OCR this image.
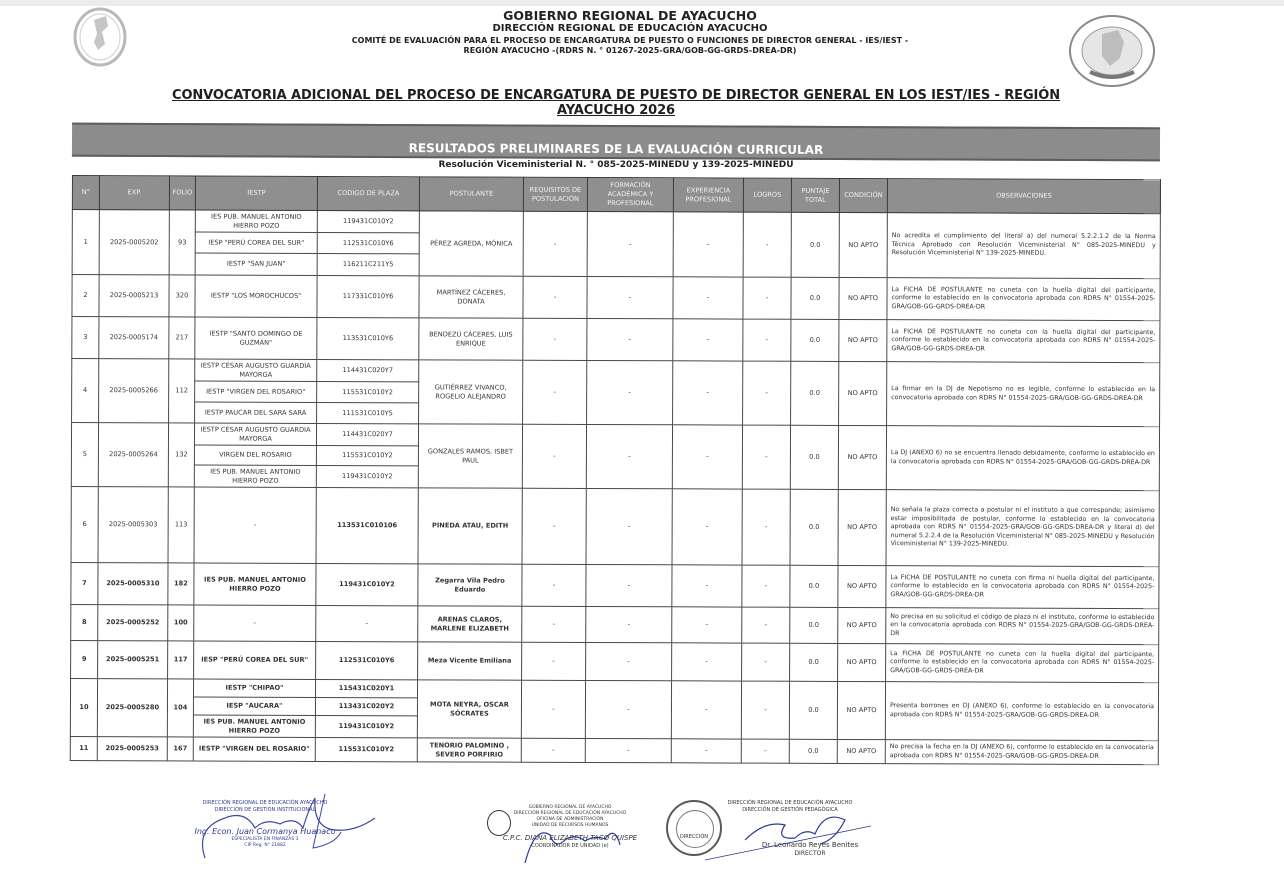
GOBIERNO REGIONAL DE AYACUCHO
DIRECCIÓN REGIONAL DE EDUCACIÓN AYACUCHO
COMITÉ DE EVALUACIÓN PARA EL PROCESO DE ENCARGATURA DE PUESTO O FUNCIONES DE DIRECTOR GENERAL - IES/IEST -
REGIÓN AYACUCHO -(RDRS N. ° 01267-2025-GRA/GOB-GG-GRDS-DREA-DR)
CONVOCATORIA ADICIONAL DEL PROCESO DE ENCARGATURA DE PUESTO DE DIRECTOR GENERAL EN LOS IEST/IES - REGIÓN AYACUCHO 2026
RESULTADOS PRELIMINARES DE LA EVALUACIÓN CURRICULAR
Resolución Viceministerial N. ° 085-2025-MINEDU y 139-2025-MINEDU
N°	EXP.	FOLIO	IESTP	CODIGO DE PLAZA	POSTULANTE	REQUISITOS DE POSTULACIÓN	FORMACIÓN ACADÉMICA Y PROFESIONAL	EXPERIENCIA PROFESIONAL	LOGROS	PUNTAJE TOTAL	CONDICIÓN	OBSERVACIONES
1	2025-0005202	93	IES PUB. MANUEL ANTONIO HIERRO POZO	119431C010Y2	PÉREZ AGREDA, MÓNICA	-	-	-	-	0.0	NO APTO	No acredita el cumplimiento del literal a) del numeral 5.2.2.1.2 de la Norma Técnica Aprobado con Resolución Viceministerial N° 085-2025-MINEDU y Resolución Viceministerial N° 139-2025-MINEDU.
			IESP "PERÚ COREA DEL SUR"	112531C010Y6								
			IESTP "SAN JUAN"	116211C211Y5								
2	2025-0005213	320	IESTP "LOS MOROCHUCOS"	117331C010Y6	MARTÍNEZ CÁCERES, DONATA	-	-	-	-	0.0	NO APTO	La FICHA DE POSTULANTE no cuneta con la huella digital del participante, conforme lo establecido en la convocatoria aprobada con RDRS N° 01554-2025-GRA/GOB-GG-GRDS-DREA-DR
3	2025-0005174	217	IESTP "SANTO DOMINGO DE GUZMÁN"	113531C010Y6	BENDEZÚ CÁCERES, LUIS ENRIQUE	-	-	-	-	0.0	NO APTO	La FICHA DE POSTULANTE no cuneta con la huella digital del participante, conforme lo establecido en la convocatoria aprobada con RDRS N° 01554-2025-GRA/GOB-GG-GRDS-DREA-DR
4	2025-0005266	112	IESTP CÉSAR AUGUSTO GUARDIA MAYORGA	114431C020Y7	GUTIÉRREZ VIVANCO, ROGELIO ALEJANDRO	-	-	-	-	0.0	NO APTO	La firmar en la DJ de Nepotismo no es legible, conforme lo establecido en la convocatoria aprobada con RDRS N° 01554-2025-GRA/GOB-GG-GRDS-DREA-DR
			IESTP "VIRGEN DEL ROSARIO"	115531C010Y2								
			IESTP PAUCAR DEL SARA SARA	111531C010Y5								
5	2025-0005264	132	IESTP CÉSAR AUGUSTO GUARDIA MAYORGA	114431C020Y7	GONZALES RAMOS, ISBET PAUL	-	-	-	-	0.0	NO APTO	La DJ (ANEXO 6) no se encuentra llenado debidamente, conforme lo establecido en la convocatoria aprobada con RDRS N° 01554-2025-GRA/GOB-GG-GRDS-DREA-DR
			VIRGEN DEL ROSARIO	115531C010Y2								
			IES PUB. MANUEL ANTONIO HIERRO POZO	119431C010Y2								
6	2025-0005303	113	-	113531C010106	PINEDA ATAU, EDITH	-	-	-	-	0.0	NO APTO	No señala la plaza correcta a postular ni el instituto a que corresponde; asimismo estar imposibilitada de postular, conforme lo establecido en la convocatoria aprobada con RDRS N° 01554-2025-GRA/GOB-GG-GRDS-DREA-DR y literal d) del numeral 5.2.2.4 de la Resolución Viceministerial N° 085-2025-MINEDU y Resolución Viceministerial N° 139-2025-MINEDU.
7	2025-0005310	182	IES PUB. MANUEL ANTONIO HIERRO POZO	119431C010Y2	Zegarra Vila Pedro Eduardo	-	-	-	-	0.0	NO APTO	La FICHA DE POSTULANTE no cuneta con firma ni huella digital del participante, conforme lo establecido en la convocatoria aprobada con RDRS N° 01554-2025-GRA/GOB-GG-GRDS-DREA-DR
8	2025-0005252	100	-	-	ARENAS CLAROS, MARLENE ELIZABETH	-	-	-	-	0.0	NO APTO	No precisa en su solicitud el código de plaza ni el instituto, conforme lo establecido en la convocatoria aprobada con RDRS N° 01554-2025-GRA/GOB-GG-GRDS-DREA-DR
9	2025-0005251	117	IESP "PERÚ COREA DEL SUR"	112531C010Y6	Meza Vicente Emiliana	-	-	-	-	0.0	NO APTO	La FICHA DE POSTULANTE no cuneta con la huella digital del participante, conforme lo establecido en la convocatoria aprobada con RDRS N° 01554-2025-GRA/GOB-GG-GRDS-DREA-DR
10	2025-0005280	104	IESTP "CHIPAO"	115431C020Y1	MOTA NEYRA, OSCAR SÓCRATES	-	-	-	-	0.0	NO APTO	Presenta borrones en DJ (ANEXO 6), conforme lo establecido en la convocatoria aprobada con RDRS N° 01554-2025-GRA/GOB-GG-GRDS-DREA-DR
			IESP "AUCARA"	113431C020Y2								
			IES PUB. MANUEL ANTONIO HIERRO POZO	119431C010Y2								
11	2025-0005253	167	IESTP "VIRGEN DEL ROSARIO"	115531C010Y2	TENORIO PALOMINO , SEVERO PORFIRIO	-	-	-	-	0.0	NO APTO	No precisa la fecha en la DJ (ANEXO 6), conforme lo establecido en la convocatoria aprobada con RDRS N° 01554-2025-GRA/GOB-GG-GRDS-DREA-DR
DIRECCIÓN REGIONAL DE EDUCACIÓN AYACUCHO
DIRECCIÓN DE GESTIÓN INSTITUCIONAL
Ing. Econ. Juan Cormanya Huanaco
ESPECIALISTA EN FINANZAS 3
CIP Reg. N° 21882
GOBIERNO REGIONAL DE AYACUCHO
DIRECCIÓN REGIONAL DE EDUCACIÓN AYACUCHO
OFICINA DE ADMINISTRACIÓN
UNIDAD DE RECURSOS HUMANOS
C.P.C. DIANA ELIZABETH TACO QUISPE
COORDINADOR DE UNIDAD (e)
DIRECCIÓN
DIRECCIÓN REGIONAL DE EDUCACIÓN AYACUCHO
DIRECCIÓN DE GESTIÓN PEDAGÓGICA
Dr. Leonardo Reyes Benites
DIRECTOR
